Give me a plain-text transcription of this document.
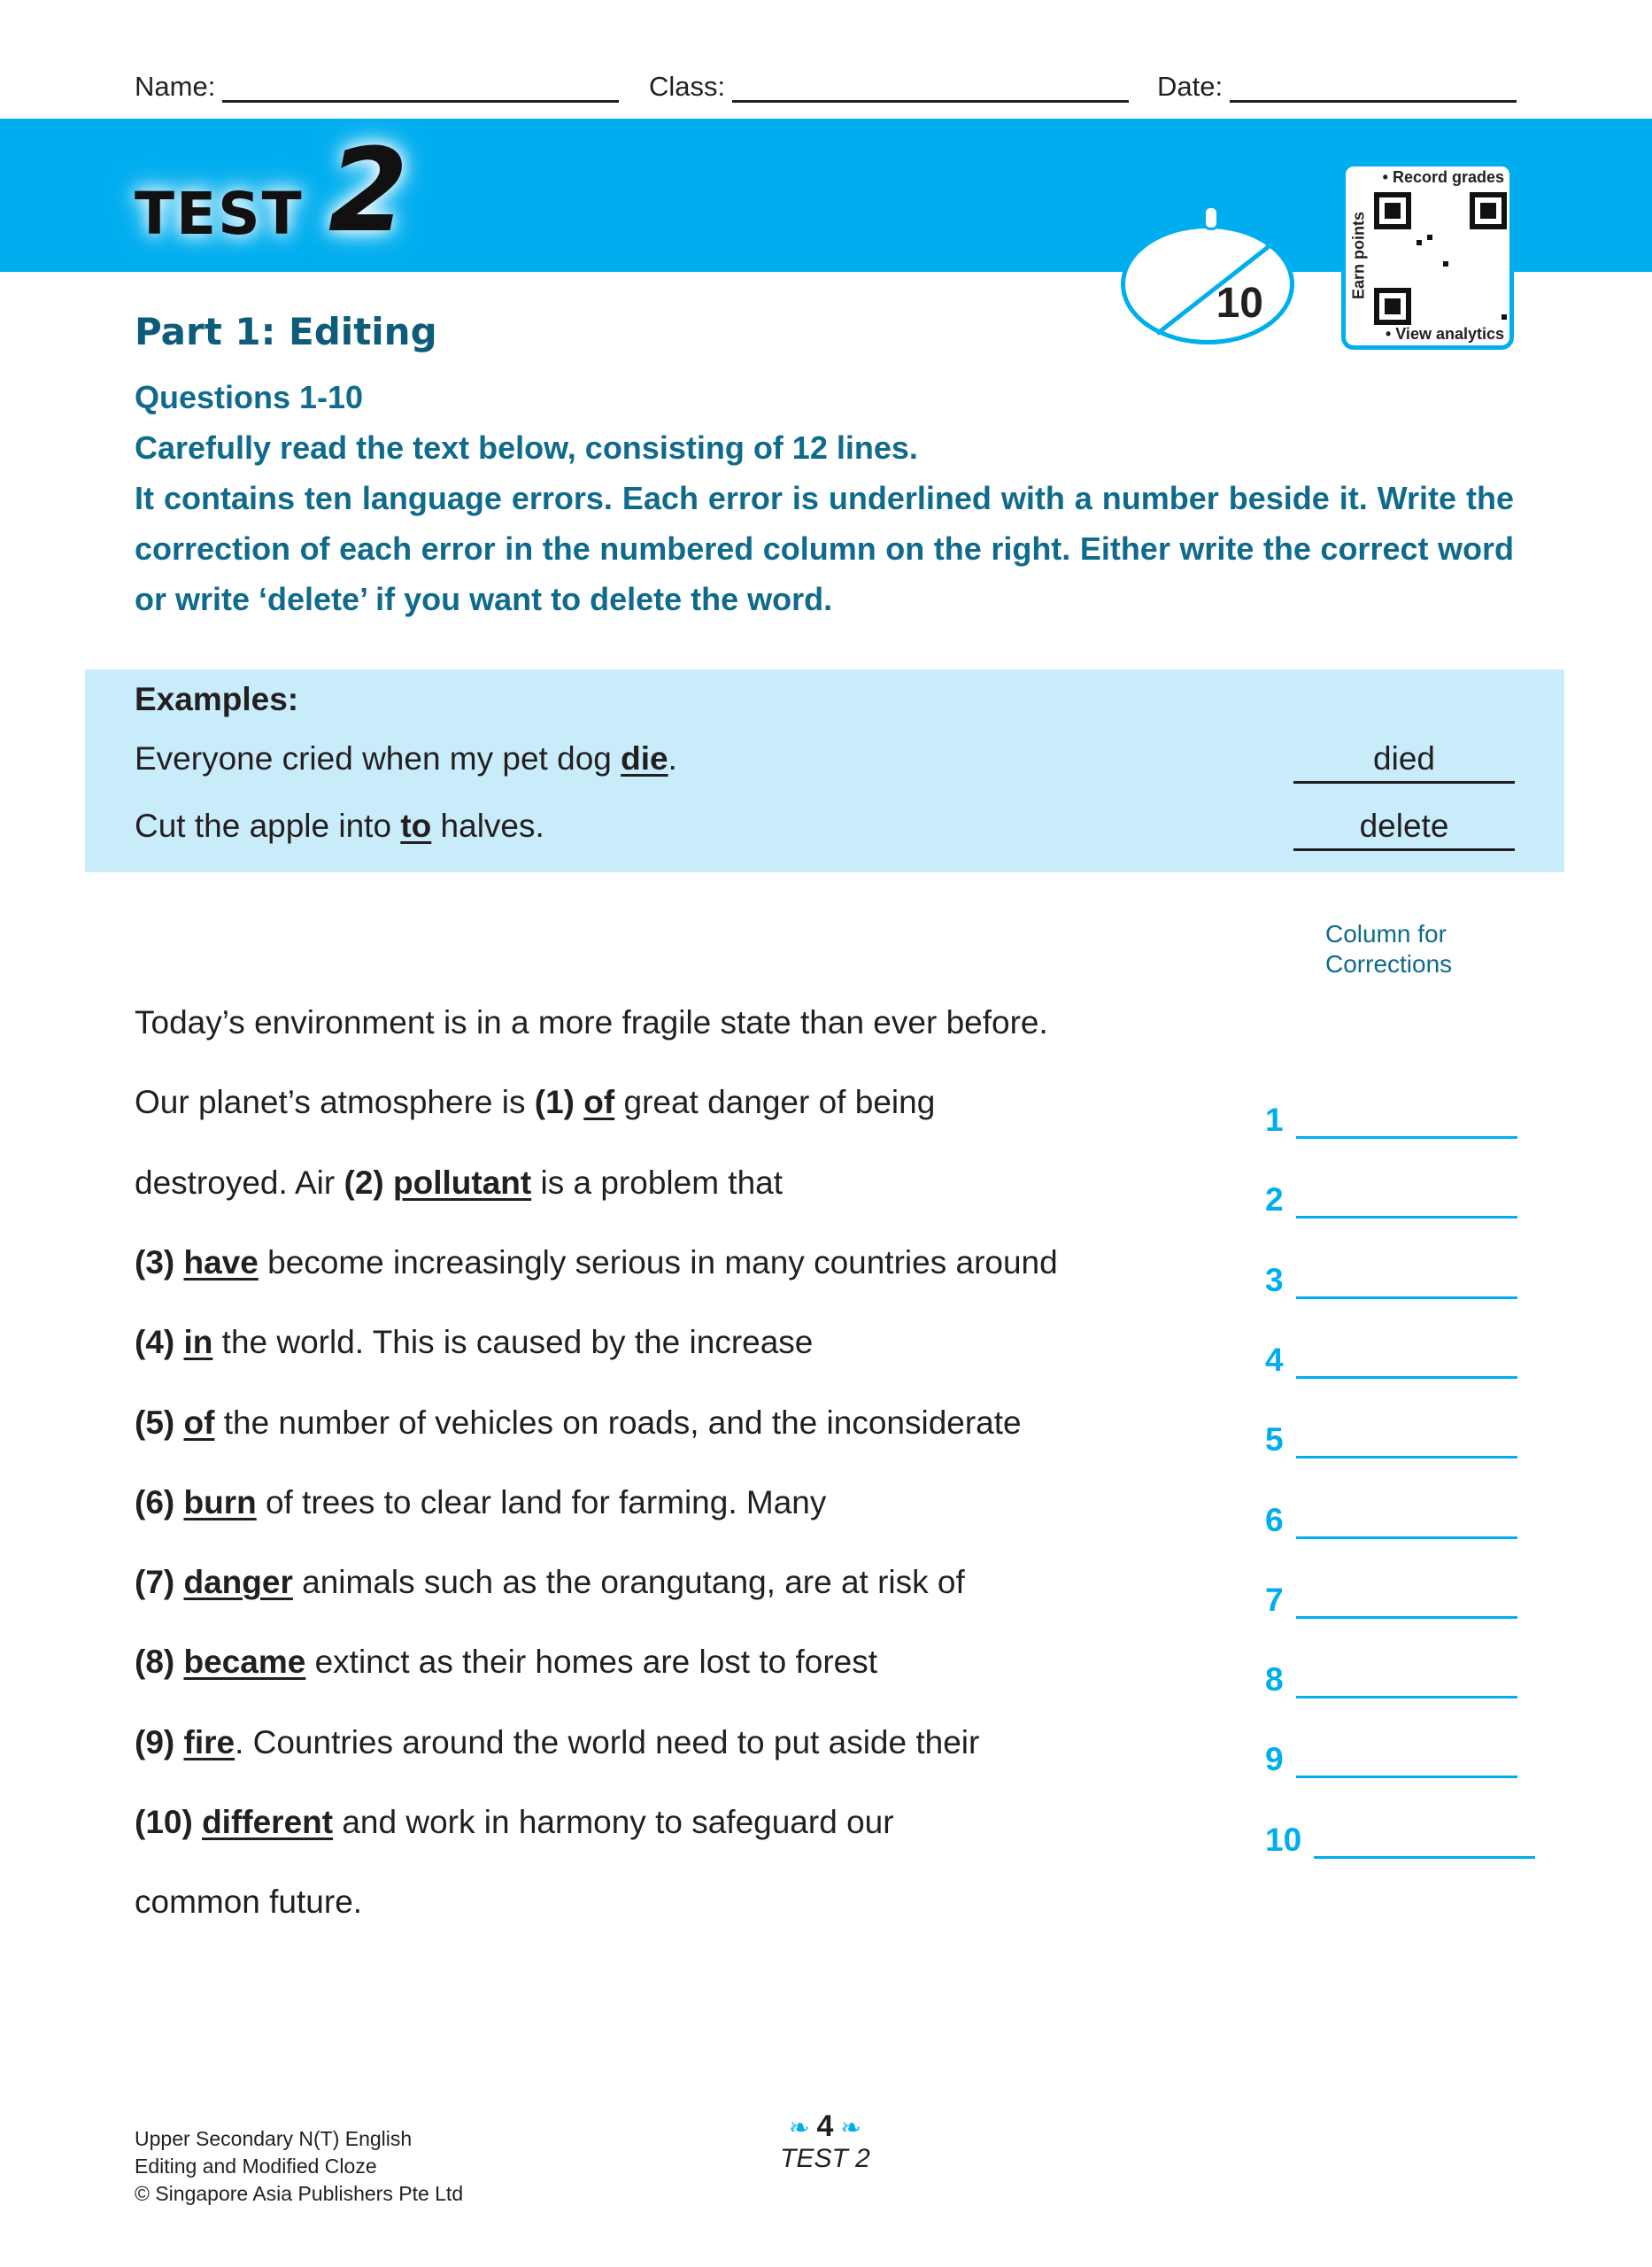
Name:	Class:	Date:
TEST 2
10
• Record grades
Earn points
• View analytics
Part 1: Editing

Questions 1-10

Carefully read the text below, consisting of 12 lines.

It contains ten language errors. Each error is underlined with a number beside it. Write the correction of each error in the numbered column on the right. Either write the correct word or write ‘delete’ if you want to delete the word.

Examples:
Everyone cried when my pet dog die.	died
Cut the apple into to halves.	delete
Column for
Corrections
Today’s environment is in a more fragile state than ever before.
Our planet’s atmosphere is (1) of great danger of being
destroyed. Air (2) pollutant is a problem that
(3) have become increasingly serious in many countries around
(4) in the world. This is caused by the increase
(5) of the number of vehicles on roads, and the inconsiderate
(6) burn of trees to clear land for farming. Many
(7) danger animals such as the orangutang, are at risk of
(8) became extinct as their homes are lost to forest
(9) fire. Countries around the world need to put aside their
(10) different and work in harmony to safeguard our
common future.
1
2
3
4
5
6
7
8
9
10
Upper Secondary N(T) English
Editing and Modified Cloze
© Singapore Asia Publishers Pte Ltd
❧ 4 ❧
TEST 2
